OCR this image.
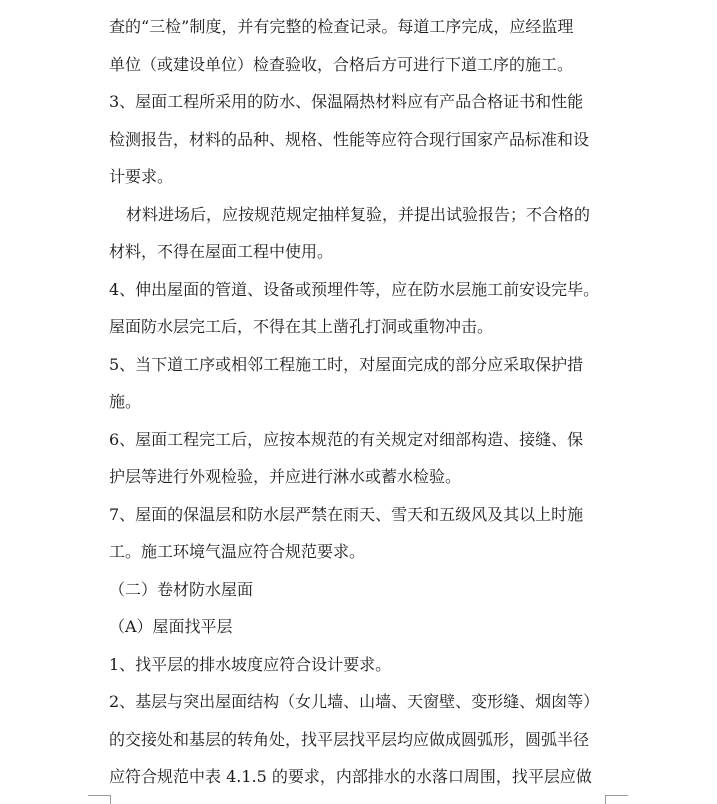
查的“三检”制度，并有完整的检查记录。每道工序完成，应经监理
单位（或建设单位）检查验收，合格后方可进行下道工序的施工。
3、屋面工程所采用的防水、保温隔热材料应有产品合格证书和性能
检测报告，材料的品种、规格、性能等应符合现行国家产品标准和设
计要求。
材料进场后，应按规范规定抽样复验，并提出试验报告；不合格的
材料，不得在屋面工程中使用。
4、伸出屋面的管道、设备或预埋件等，应在防水层施工前安设完毕。
屋面防水层完工后，不得在其上凿孔打洞或重物冲击。
5、当下道工序或相邻工程施工时，对屋面完成的部分应采取保护措
施。
6、屋面工程完工后，应按本规范的有关规定对细部构造、接缝、保
护层等进行外观检验，并应进行淋水或蓄水检验。
7、屋面的保温层和防水层严禁在雨天、雪天和五级风及其以上时施
工。施工环境气温应符合规范要求。
（二）卷材防水屋面
（A）屋面找平层
1、找平层的排水坡度应符合设计要求。
2、基层与突出屋面结构（女儿墙、山墙、天窗壁、变形缝、烟囱等）
的交接处和基层的转角处，找平层找平层均应做成圆弧形，圆弧半径
应符合规范中表 4.1.5 的要求，内部排水的水落口周围，找平层应做
